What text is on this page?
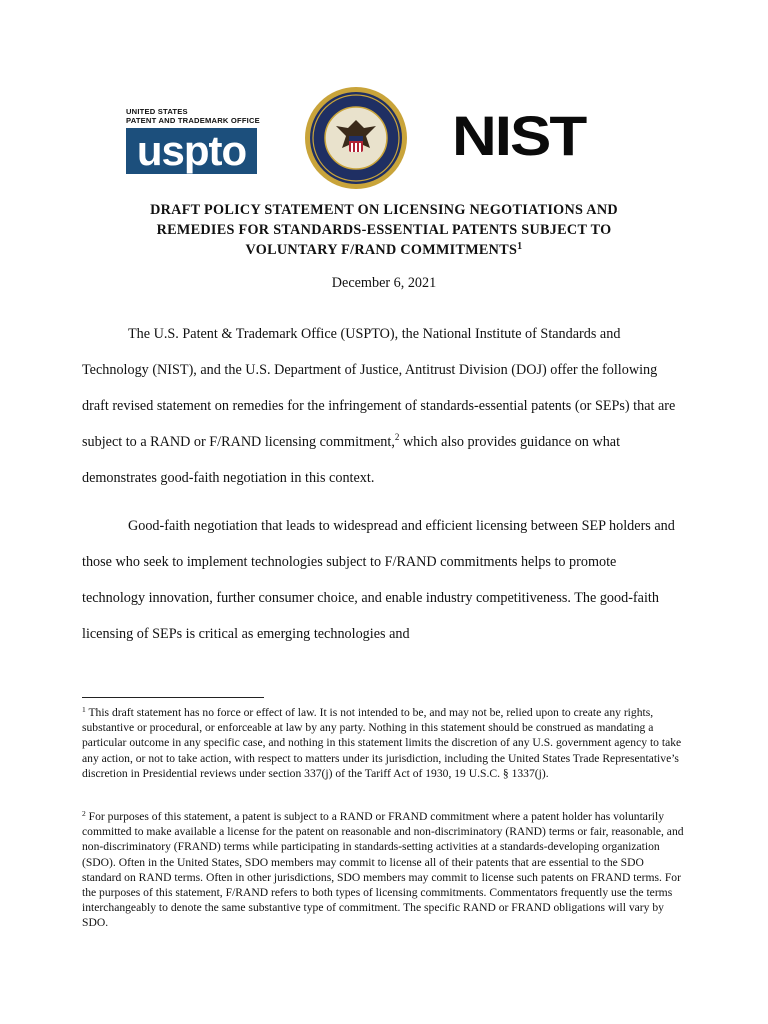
UNITED STATES
PATENT AND TRADEMARK OFFICE
uspto	NIST
DRAFT POLICY STATEMENT ON LICENSING NEGOTIATIONS AND
REMEDIES FOR STANDARDS-ESSENTIAL PATENTS SUBJECT TO
VOLUNTARY F/RAND COMMITMENTS$^1$
December 6, 2021

The U.S. Patent & Trademark Office (USPTO), the National Institute of Standards and Technology (NIST), and the U.S. Department of Justice, Antitrust Division (DOJ) offer the following draft revised statement on remedies for the infringement of standards-essential patents (or SEPs) that are subject to a RAND or F/RAND licensing commitment,$^2$ which also provides guidance on what demonstrates good-faith negotiation in this context.

Good-faith negotiation that leads to widespread and efficient licensing between SEP holders and those who seek to implement technologies subject to F/RAND commitments helps to promote technology innovation, further consumer choice, and enable industry competitiveness. The good-faith licensing of SEPs is critical as emerging technologies and

$^1$ This draft statement has no force or effect of law. It is not intended to be, and may not be, relied upon to create any rights, substantive or procedural, or enforceable at law by any party. Nothing in this statement should be construed as mandating a particular outcome in any specific case, and nothing in this statement limits the discretion of any U.S. government agency to take any action, or not to take action, with respect to matters under its jurisdiction, including the United States Trade Representative’s discretion in Presidential reviews under section 337(j) of the Tariff Act of 1930, 19 U.S.C. § 1337(j).
$^2$ For purposes of this statement, a patent is subject to a RAND or FRAND commitment where a patent holder has voluntarily committed to make available a license for the patent on reasonable and non-discriminatory (RAND) terms or fair, reasonable, and non-discriminatory (FRAND) terms while participating in standards-setting activities at a standards-developing organization (SDO). Often in the United States, SDO members may commit to license all of their patents that are essential to the SDO standard on RAND terms. Often in other jurisdictions, SDO members may commit to license such patents on FRAND terms. For the purposes of this statement, F/RAND refers to both types of licensing commitments. Commentators frequently use the terms interchangeably to denote the same substantive type of commitment. The specific RAND or FRAND obligations will vary by SDO.
